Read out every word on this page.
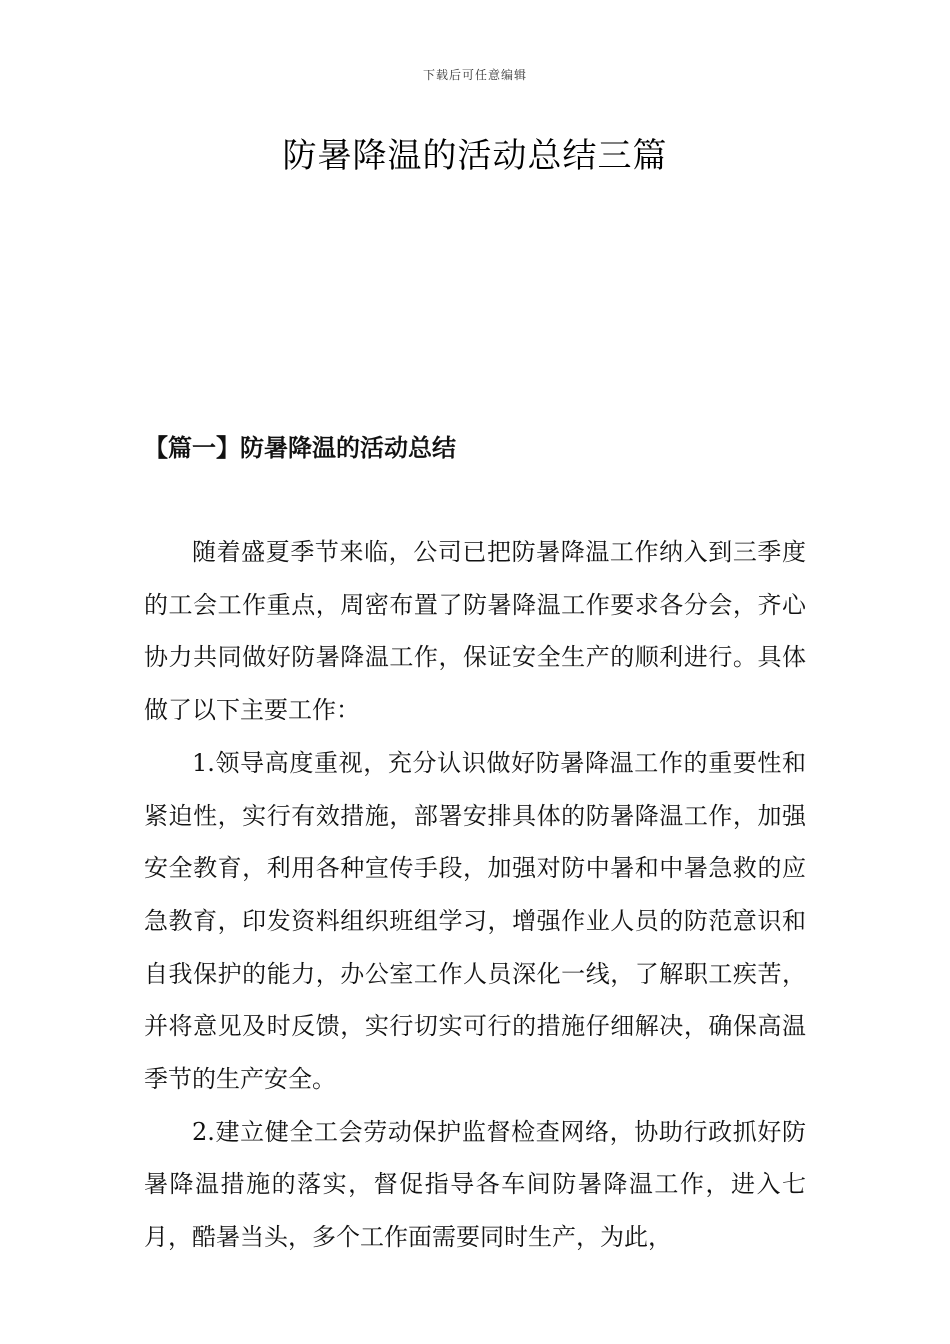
下载后可任意编辑
防暑降温的活动总结三篇
【篇一】防暑降温的活动总结

随着盛夏季节来临，公司已把防暑降温工作纳入到三季度的工会工作重点，周密布置了防暑降温工作要求各分会，齐心协力共同做好防暑降温工作，保证安全生产的顺利进行。具体做了以下主要工作：

1.领导高度重视，充分认识做好防暑降温工作的重要性和紧迫性，实行有效措施，部署安排具体的防暑降温工作，加强安全教育，利用各种宣传手段，加强对防中暑和中暑急救的应急教育，印发资料组织班组学习，增强作业人员的防范意识和自我保护的能力，办公室工作人员深化一线，了解职工疾苦，并将意见及时反馈，实行切实可行的措施仔细解决，确保高温季节的生产安全。

2.建立健全工会劳动保护监督检查网络，协助行政抓好防暑降温措施的落实，督促指导各车间防暑降温工作，进入七月，酷暑当头，多个工作面需要同时生产，为此，
